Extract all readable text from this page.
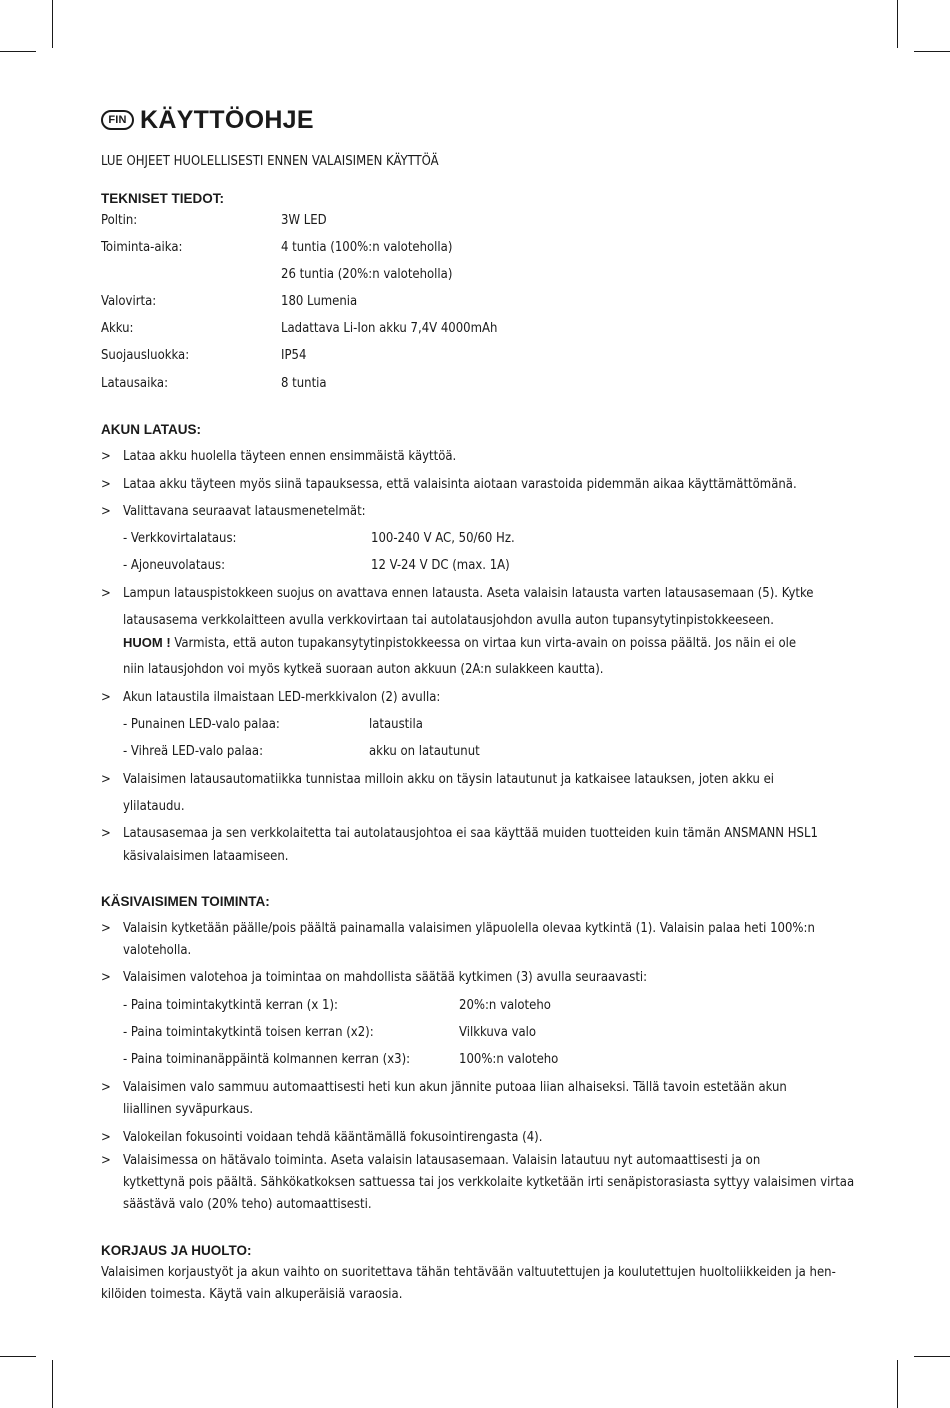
FIN KÄYTTÖOHJE
LUE OHJEET HUOLELLISESTI ENNEN VALAISIMEN KÄYTTÖÄ
TEKNISET TIEDOT:
Poltin:	3W LED
Toiminta-aika:	4 tuntia (100%:n valoteholla)
26 tuntia (20%:n valoteholla)
Valovirta:	180 Lumenia
Akku:	Ladattava Li-Ion akku 7,4V 4000mAh
Suojausluokka:	IP54
Latausaika:	8 tuntia
AKUN LATAUS:
> Lataa akku huolella täyteen ennen ensimmäistä käyttöä.
> Lataa akku täyteen myös siinä tapauksessa, että valaisinta aiotaan varastoida pidemmän aikaa käyttämättömänä.
> Valittavana seuraavat latausmenetelmät:
- Verkkovirtalataus:	100-240 V AC, 50/60 Hz.
- Ajoneuvolataus:	12 V-24 V DC (max. 1A)
> Lampun latauspistokkeen suojus on avattava ennen latausta. Aseta valaisin latausta varten latausasemaan (5). Kytke
latausasema verkkolaitteen avulla verkkovirtaan tai autolatausjohdon avulla auton tupansytytinpistokkeeseen.
HUOM ! Varmista, että auton tupakansytytinpistokkeessa on virtaa kun virta-avain on poissa päältä. Jos näin ei ole
niin latausjohdon voi myös kytkeä suoraan auton akkuun (2A:n sulakkeen kautta).
> Akun lataustila ilmaistaan LED-merkkivalon (2) avulla:
- Punainen LED-valo palaa:	lataustila
- Vihreä LED-valo palaa:	akku on latautunut
> Valaisimen latausautomatiikka tunnistaa milloin akku on täysin latautunut ja katkaisee latauksen, joten akku ei
ylilataudu.
> Latausasemaa ja sen verkkolaitetta tai autolatausjohtoa ei saa käyttää muiden tuotteiden kuin tämän ANSMANN HSL1
käsivalaisimen lataamiseen.
KÄSIVAISIMEN TOIMINTA:
> Valaisin kytketään päälle/pois päältä painamalla valaisimen yläpuolella olevaa kytkintä (1). Valaisin palaa heti 100%:n
valoteholla.
> Valaisimen valotehoa ja toimintaa on mahdollista säätää kytkimen (3) avulla seuraavasti:
- Paina toimintakytkintä kerran (x 1):	20%:n valoteho
- Paina toimintakytkintä toisen kerran (x2):	Vilkkuva valo
- Paina toiminanäppäintä kolmannen kerran (x3):	100%:n valoteho
> Valaisimen valo sammuu automaattisesti heti kun akun jännite putoaa liian alhaiseksi. Tällä tavoin estetään akun
liiallinen syväpurkaus.
> Valokeilan fokusointi voidaan tehdä kääntämällä fokusointirengasta (4).
> Valaisimessa on hätävalo toiminta. Aseta valaisin latausasemaan. Valaisin latautuu nyt automaattisesti ja on
kytkettynä pois päältä. Sähkökatkoksen sattuessa tai jos verkkolaite kytketään irti senäpistorasiasta syttyy valaisimen virtaa
säästävä valo (20% teho) automaattisesti.
KORJAUS JA HUOLTO:
Valaisimen korjaustyöt ja akun vaihto on suoritettava tähän tehtävään valtuutettujen ja koulutettujen huoltoliikkeiden ja hen-
kilöiden toimesta. Käytä vain alkuperäisiä varaosia.
